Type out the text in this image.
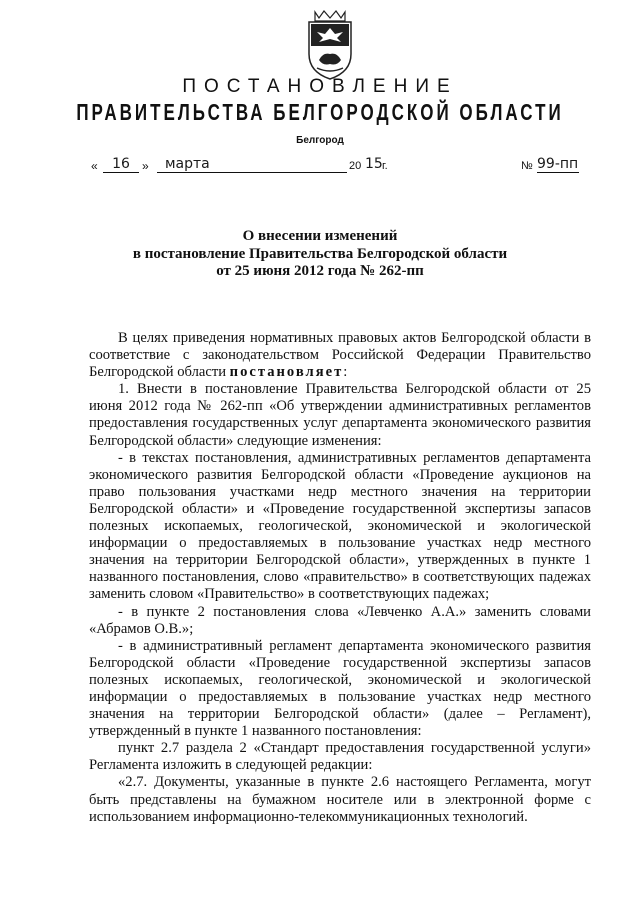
ПОСТАНОВЛЕНИЕ
ПРАВИТЕЛЬСТВА БЕЛГОРОДСКОЙ ОБЛАСТИ
Белгород
«	16	»	марта	20 15 г.	№ 99-пп
О внесении изменений
в постановление Правительства Белгородской области
от 25 июня 2012 года № 262-пп

В целях приведения нормативных правовых актов Белгородской области в соответствие с законодательством Российской Федерации Правительство Белгородской области постановляет:

1. Внести в постановление Правительства Белгородской области от 25 июня 2012 года № 262-пп «Об утверждении административных регламентов предоставления государственных услуг департамента экономического развития Белгородской области» следующие изменения:

- в текстах постановления, административных регламентов департамента экономического развития Белгородской области «Проведение аукционов на право пользования участками недр местного значения на территории Белгородской области» и «Проведение государственной экспертизы запасов полезных ископаемых, геологической, экономической и экологической информации о предоставляемых в пользование участках недр местного значения на территории Белгородской области», утвержденных в пункте 1 названного постановления, слово «правительство» в соответствующих падежах заменить словом «Правительство» в соответствующих падежах;

- в пункте 2 постановления слова «Левченко А.А.» заменить словами «Абрамов О.В.»;

- в административный регламент департамента экономического развития Белгородской области «Проведение государственной экспертизы запасов полезных ископаемых, геологической, экономической и экологической информации о предоставляемых в пользование участках недр местного значения на территории Белгородской области» (далее – Регламент), утвержденный в пункте 1 названного постановления:

пункт 2.7 раздела 2 «Стандарт предоставления государственной услуги» Регламента изложить в следующей редакции:

«2.7. Документы, указанные в пункте 2.6 настоящего Регламента, могут быть представлены на бумажном носителе или в электронной форме с использованием информационно-телекоммуникационных технологий.
